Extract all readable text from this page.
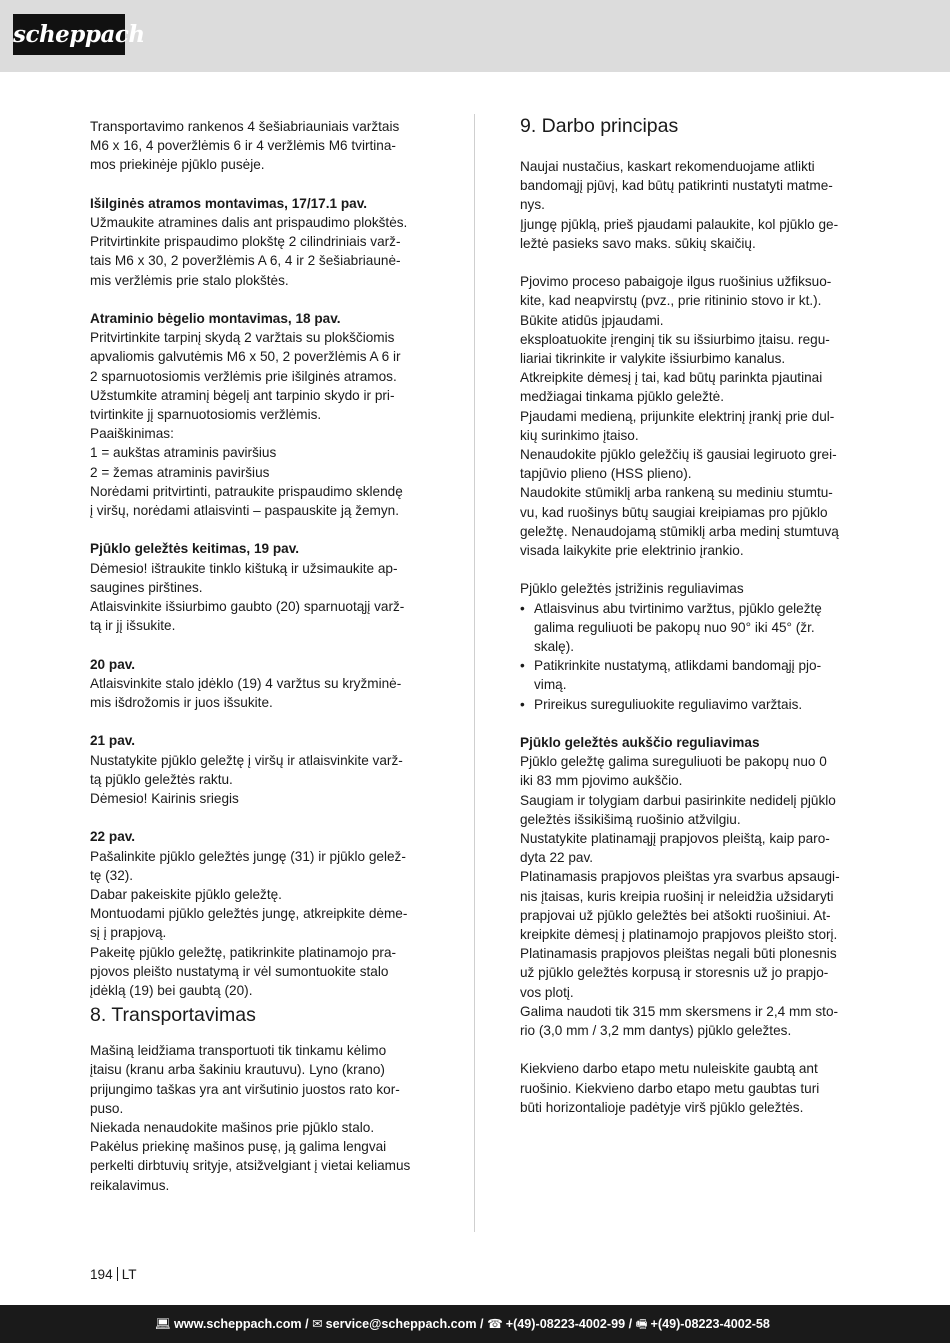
scheppach
Transportavimo rankenos 4 šešiabriauniais varžtais
M6 x 16, 4 poveržlėmis 6 ir 4 veržlėmis M6 tvirtina-
mos priekinėje pjūklo pusėje.

Išilginės atramos montavimas, 17/17.1 pav.

Užmaukite atramines dalis ant prispaudimo plokštės.
Pritvirtinkite prispaudimo plokštę 2 cilindriniais varž-
tais M6 x 30, 2 poveržlėmis A 6, 4 ir 2 šešiabriaunė-
mis veržlėmis prie stalo plokštės.

Atraminio bėgelio montavimas, 18 pav.

Pritvirtinkite tarpinį skydą 2 varžtais su plokščiomis
apvaliomis galvutėmis M6 x 50, 2 poveržlėmis A 6 ir
2 sparnuotosiomis veržlėmis prie išilginės atramos.
Užstumkite atraminį bėgelį ant tarpinio skydo ir pri-
tvirtinkite jį sparnuotosiomis veržlėmis.
Paaiškinimas:
1 = aukštas atraminis paviršius
2 = žemas atraminis paviršius
Norėdami pritvirtinti, patraukite prispaudimo sklendę
į viršų, norėdami atlaisvinti – paspauskite ją žemyn.

Pjūklo geležtės keitimas, 19 pav.

Dėmesio! ištraukite tinklo kištuką ir užsimaukite ap-
saugines pirštines.
Atlaisvinkite išsiurbimo gaubto (20) sparnuotąjį varž-
tą ir jį išsukite.

20 pav.

Atlaisvinkite stalo įdėklo (19) 4 varžtus su kryžminė-
mis išdrožomis ir juos išsukite.

21 pav.

Nustatykite pjūklo geležtę į viršų ir atlaisvinkite varž-
tą pjūklo geležtės raktu.
Dėmesio! Kairinis sriegis

22 pav.

Pašalinkite pjūklo geležtės jungę (31) ir pjūklo gelež-
tę (32).
Dabar pakeiskite pjūklo geležtę.
Montuodami pjūklo geležtės jungę, atkreipkite dėme-
sį į prapjovą.
Pakeitę pjūklo geležtę, patikrinkite platinamojo pra-
pjovos pleišto nustatymą ir vėl sumontuokite stalo
įdėklą (19) bei gaubtą (20).
8. Transportavimas
Mašiną leidžiama transportuoti tik tinkamu kėlimo
įtaisu (kranu arba šakiniu krautuvu). Lyno (krano)
prijungimo taškas yra ant viršutinio juostos rato kor-
puso.
Niekada nenaudokite mašinos prie pjūklo stalo.
Pakėlus priekinę mašinos pusę, ją galima lengvai
perkelti dirbtuvių srityje, atsižvelgiant į vietai keliamus
reikalavimus.
9. Darbo principas
Naujai nustačius, kaskart rekomenduojame atlikti
bandomąjį pjūvį, kad būtų patikrinti nustatyti matme-
nys.
Įjungę pjūklą, prieš pjaudami palaukite, kol pjūklo ge-
ležtė pasieks savo maks. sūkių skaičių.
Pjovimo proceso pabaigoje ilgus ruošinius užfiksuo-
kite, kad neapvirstų (pvz., prie ritininio stovo ir kt.).
Būkite atidūs įpjaudami.
eksploatuokite įrenginį tik su išsiurbimo įtaisu. regu-
liariai tikrinkite ir valykite išsiurbimo kanalus.
Atkreipkite dėmesį į tai, kad būtų parinkta pjautinai
medžiagai tinkama pjūklo geležtė.
Pjaudami medieną, prijunkite elektrinį įrankį prie dul-
kių surinkimo įtaiso.
Nenaudokite pjūklo geležčių iš gausiai legiruoto grei-
tapjūvio plieno (HSS plieno).
Naudokite stūmiklį arba rankeną su mediniu stumtu-
vu, kad ruošinys būtų saugiai kreipiamas pro pjūklo
geležtę. Nenaudojamą stūmiklį arba medinį stumtuvą
visada laikykite prie elektrinio įrankio.
Pjūklo geležtės įstrižinis reguliavimas
• Atlaisvinus abu tvirtinimo varžtus, pjūklo geležtę
galima reguliuoti be pakopų nuo 90° iki 45° (žr.
skalę).
• Patikrinkite nustatymą, atlikdami bandomąjį pjo-
vimą.
• Prireikus sureguliuokite reguliavimo varžtais.

Pjūklo geležtės aukščio reguliavimas

Pjūklo geležtę galima sureguliuoti be pakopų nuo 0
iki 83 mm pjovimo aukščio.
Saugiam ir tolygiam darbui pasirinkite nedidelį pjūklo
geležtės išsikišimą ruošinio atžvilgiu.
Nustatykite platinamąjį prapjovos pleištą, kaip paro-
dyta 22 pav.
Platinamasis prapjovos pleištas yra svarbus apsaugi-
nis įtaisas, kuris kreipia ruošinį ir neleidžia užsidaryti
prapjovai už pjūklo geležtės bei atšokti ruošiniui. At-
kreipkite dėmesį į platinamojo prapjovos pleišto storį.
Platinamasis prapjovos pleištas negali būti plonesnis
už pjūklo geležtės korpusą ir storesnis už jo prapjo-
vos plotį.
Galima naudoti tik 315 mm skersmens ir 2,4 mm sto-
rio (3,0 mm / 3,2 mm dantys) pjūklo geležtes.
Kiekvieno darbo etapo metu nuleiskite gaubtą ant
ruošinio. Kiekvieno darbo etapo metu gaubtas turi
būti horizontalioje padėtyje virš pjūklo geležtės.
194 LT
💻︎ www.scheppach.com / ✉ service@scheppach.com / ☎ +(49)-08223-4002-99 / 🖷︎ +(49)-08223-4002-58
